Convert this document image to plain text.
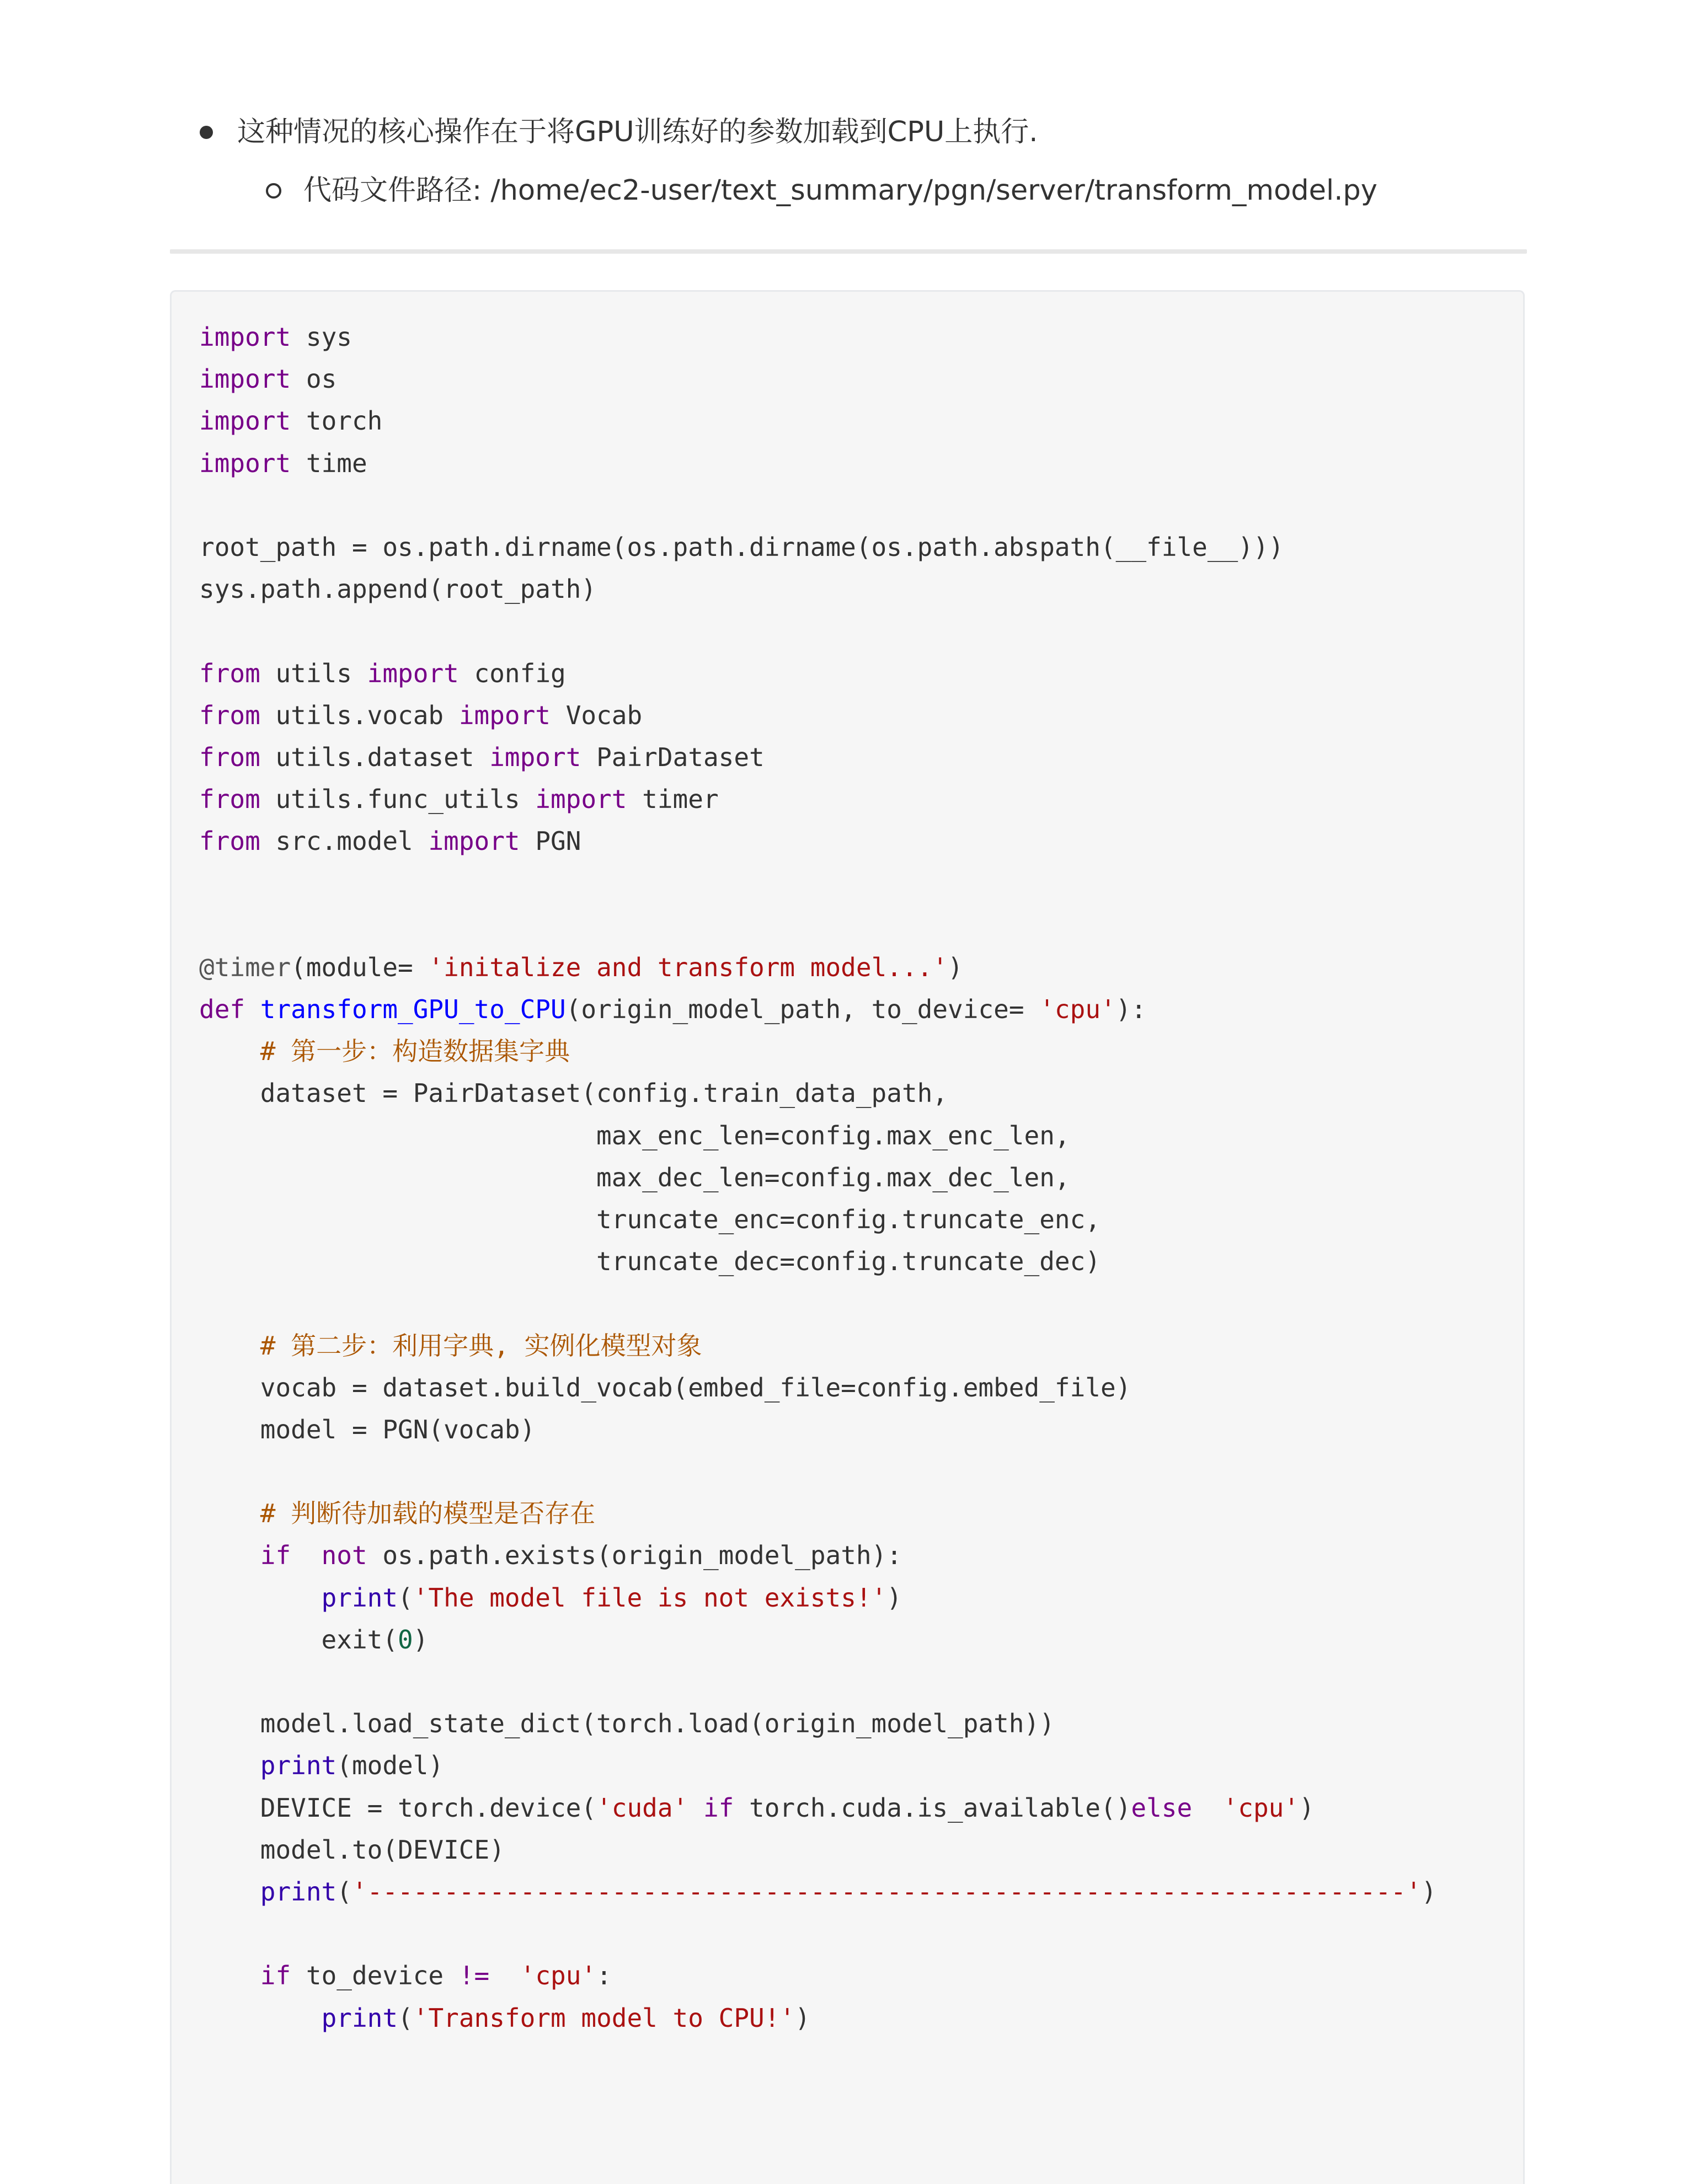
这种情况的核心操作在于将GPU训练好的参数加载到CPU上执行.
代码文件路径: /home/ec2-user/text_summary/pgn/server/transform_model.py
import sys
import os
import torch
import time
root_path = os.path.dirname(os.path.dirname(os.path.abspath(__file__)))
sys.path.append(root_path)
from utils import config
from utils.vocab import Vocab
from utils.dataset import PairDataset
from utils.func_utils import timer
from src.model import PGN
@timer(module= 'initalize and transform model...')
def transform_GPU_to_CPU(origin_model_path, to_device= 'cpu'):
# 第一步：构造数据集字典
dataset = PairDataset(config.train_data_path,
max_enc_len=config.max_enc_len,
max_dec_len=config.max_dec_len,
truncate_enc=config.truncate_enc,
truncate_dec=config.truncate_dec)
# 第二步：利用字典, 实例化模型对象
vocab = dataset.build_vocab(embed_file=config.embed_file)
model = PGN(vocab)
# 判断待加载的模型是否存在
if not os.path.exists(origin_model_path):
print('The model file is not exists!')
exit(0)
model.load_state_dict(torch.load(origin_model_path))
print(model)
DEVICE = torch.device('cuda' if torch.cuda.is_available()else 'cpu')
model.to(DEVICE)
print('--------------------------------------------------------------------')
if to_device != 'cpu':
print('Transform model to CPU!')
